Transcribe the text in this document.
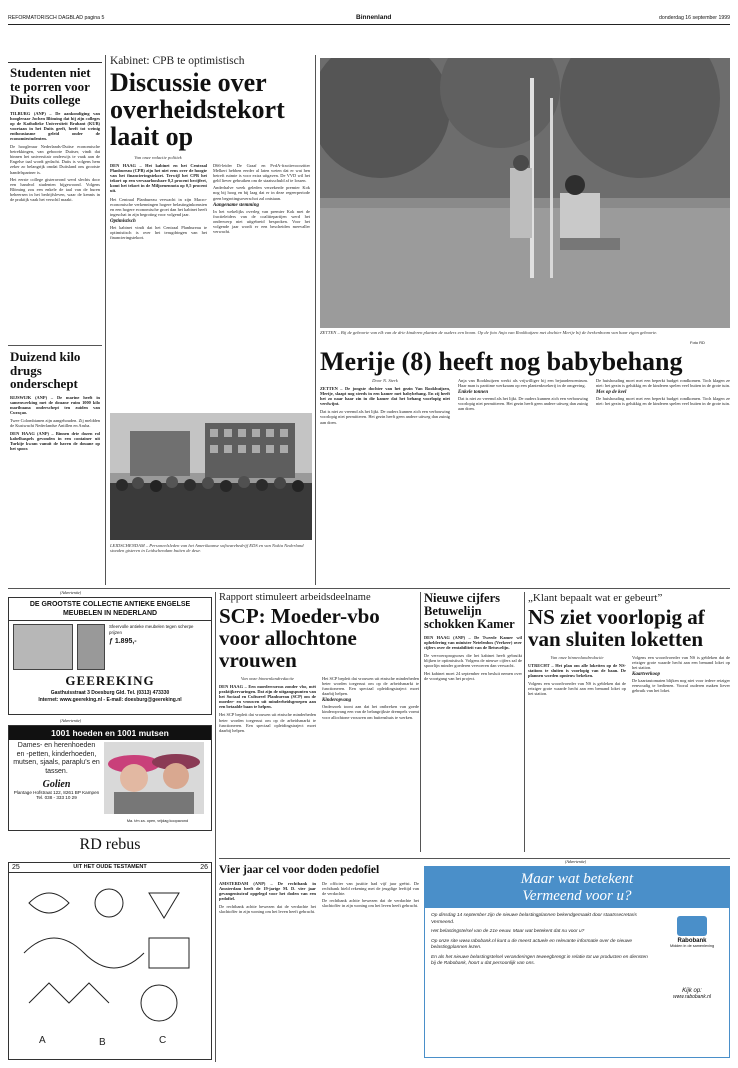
REFORMATORISCH DAGBLAD pagina 5	Binnenland	donderdag 16 september 1999
Studenten niet te porren voor Duits college
TILBURG (ANP) – De aankondiging van hoogleraar Jochen Blöming dat hij zijn colleges op de Katholieke Universiteit Brabant (KUB) voortaan in het Duits geeft, heeft tot weinig enthousiasme geleid onder de economiestudenten.
De hoogleraar Nederlands-Duitse economische betrekkingen, van geboorte Duitser, vindt dat binnen het universitair onderwijs te vaak aan de Engelse taal wordt gedacht. Duits is volgens hem zeker zo belangrijk omdat Duitsland ons grootste handelspartner is.
Het eerste college gisteravond werd slechts door een handvol studenten bijgewoond. Volgens Blöming zou een enkele de taal van de buren beheersen in het bedrijfsleven, waar de kennis in de praktijk vaak het verschil maakt.
Duizend kilo drugs onderschept
RIJSWIJK (ANP) – De marine heeft in samenwerking met de douane ruim 1000 kilo marihuana onderschept ten zuiden van Curaçao.
Twee Colombianen zijn aangehouden. Zij meldden de Kustwacht Nederlandse Antillen en Aruba.
DEN HAAG (ANP) – Binnen drie dozen rol kabelhaspels gevonden in een container uit Turkije kwam vanuit de haven de douane op het spoor.
Kabinet: CPB te optimistisch
Discussie over overheidstekort laait op
Van onze redactie politiek
DEN HAAG – Het kabinet en het Centraal Planbureau (CPB) zijn het niet eens over de hoogte van het financieringstekort. Terwijl het CPB het tekort op een vervaarloosbare 0,2 procent becijfert, komt het tekort in de Miljoenennota op 0,5 procent uit.
Het Centraal Planbureau verwacht in zijn Macro-economische verkenningen hogere belastinginkomsten en een hogere economische groei dan het kabinet heeft ingeschat in zijn begroting voor volgend jaar.
Optimistisch
Het kabinet vindt dat het Centraal Planbureau te optimistisch is over het terugdringen van het financieringstekort.
D66-leider De Graaf en PvdA-fractievoorzitter Melkert hebben eerder al laten weten dat er wat hen betreft ruimte is voor extra uitgaven. De VVD wil het geld liever gebruiken om de staatsschuld af te lossen.
Anderhalve week geleden verzekerde premier Kok nog bij hoog en bij laag dat er in deze regeerperiode geen begrotingsoverschot zal ontstaan.
Aangename stemming
In het wekelijks overleg van premier Kok met de fractieleiders van de coalitiepartijen werd het onderwerp niet uitgebreid besproken. Voor het volgende jaar wordt er een bescheiden meevaller verwacht.
LEIDSCHENDAM – Personeelsleden van het Amerikaanse softwarebedrijf EDS en van Nokia Nederland stonden gisteren in Leidschendam buiten de deur.
ZETTEN – Bij de geboorte van elk van de drie kinderen planten de ouders een boom. Op de foto Anja van Rookhuijzen met dochter Merije bij de berkenboom van haar eigen geboorte.
Foto RD
Merije (8) heeft nog babybehang
Door N. Sterk
ZETTEN – De jongste dochter van het gezin Van Rookhuijzen, Merije, slaapt nog steeds in een kamer met babybehang. En zij heeft het zo naar haar zin in die kamer dat het behang voorlopig niet verdwijnt.
Dat is niet zo vreemd als het lijkt. De ouders kunnen zich een verbouwing voorlopig niet permitteren. Het gezin heeft geen andere uitweg dan zuinig aan doen.
Anja van Rookhuijzen werkt als vrijwilliger bij een bejaardencentrum. Haar man is parttime werkzaam op een plantenkwekerij in de omgeving.
Enkele tonnen
Dat is niet zo vreemd als het lijkt. De ouders kunnen zich een verbouwing voorlopig niet permitteren. Het gezin heeft geen andere uitweg dan zuinig aan doen.
De huishouding moet met een beperkt budget rondkomen. Toch klagen ze niet: het gezin is gelukkig en de kinderen spelen veel buiten in de grote tuin.
Mes op de keel
De huishouding moet met een beperkt budget rondkomen. Toch klagen ze niet: het gezin is gelukkig en de kinderen spelen veel buiten in de grote tuin.
(Advertentie)
DE GROOTSTE COLLECTIE ANTIEKE ENGELSE MEUBELEN IN NEDERLAND
Sfeervolle antieke meubelen tegen scherpe prijzen
ƒ 1.895,-
GEEREKING
Gasthuisstraat 3 Doesburg Gld. Tel. (0313) 473330
Internet: www.geereking.nl - E-mail: doesburg@geereking.nl
(Advertentie)
1001 hoeden en 1001 mutsen
Dames- en herenhoeden en -petten, kinderhoeden, mutsen, sjaals, paraplu's en tassen.
Golien
Plantage Hofstraat 122, 8261 BP Kampen
Tel. 038 - 333 10 29
Ma. t/m za. open, vrijdag koopavond
RD rebus
25	UIT HET OUDE TESTAMENT	26
A	B	C
Rapport stimuleert arbeidsdeelname
SCP: Moeder-vbo voor allochtone vrouwen
Van onze binnenlandredactie
DEN HAAG – Een moedercursus zonder vbo, mét praktijkervaringen. Dat zijn de uitgangspunten van het Sociaal en Cultureel Planbureau (SCP) om de moeder- en vrouwen uit minderheidsgroepen aan een betaalde baan te helpen.
Het SCP bepleit dat vrouwen uit etnische minderheden beter worden toegerust om op de arbeidsmarkt te functioneren. Een speciaal opleidingstraject moet daarbij helpen.
Het SCP bepleit dat vrouwen uit etnische minderheden beter worden toegerust om op de arbeidsmarkt te functioneren. Een speciaal opleidingstraject moet daarbij helpen.
Kinderopvang
Onderzoek toont aan dat het ontbreken van goede kinderopvang een van de belangrijkste drempels vormt voor allochtone vrouwen om buitenshuis te werken.
Nieuwe cijfers Betuwelijn schokken Kamer
DEN HAAG (ANP) – De Tweede Kamer wil opheldering van minister Netelenbos (Verkeer) over cijfers over de rentabiliteit van de Betuwelijn.
De vervoersprognoses die het kabinet heeft gebruikt blijken te optimistisch. Volgens de nieuwe cijfers zal de spoorlijn minder goederen vervoeren dan verwacht.
Het kabinet moet 24 september een besluit nemen over de voortgang van het project.
„Klant bepaalt wat er gebeurt”
NS ziet voorlopig af van sluiten loketten
Van onze binnenlandredactie
UTRECHT – Het plan om alle loketten op de NS-stations te sluiten is voorlopig van de baan. De plannen worden opnieuw bekeken.
Volgens een woordvoerder van NS is gebleken dat de reiziger grote waarde hecht aan een bemand loket op het station.
Volgens een woordvoerder van NS is gebleken dat de reiziger grote waarde hecht aan een bemand loket op het station.
Kaartverkoop
De kaartautomaten blijken nog niet voor iedere reiziger eenvoudig te bedienen. Vooral ouderen maken liever gebruik van het loket.
Vier jaar cel voor doden pedofiel
AMSTERDAM (ANP) – De rechtbank in Amsterdam heeft de 19-jarige M. D. vier jaar gevangenisstraf opgelegd voor het doden van een pedofiel.
De rechtbank achtte bewezen dat de verdachte het slachtoffer in zijn woning om het leven heeft gebracht.
De officier van justitie had vijf jaar geëist. De rechtbank hield rekening met de jeugdige leeftijd van de verdachte.
De rechtbank achtte bewezen dat de verdachte het slachtoffer in zijn woning om het leven heeft gebracht.
(Advertentie)
Maar wat betekent
Vermeend voor u?
Op dinsdag 14 september zijn de nieuwe belastingplannen bekendgemaakt door staatssecretaris Vermeend.
Het belastingstelsel van de 21e eeuw. Maar wat betekent dat nu voor u?
Op onze site www.rabobank.nl kunt u de meest actuele en relevante informatie over de nieuwe belastingplannen lezen.
En als het nieuwe belastingstelsel veranderingen teweegbrengt in relatie tot uw producten en diensten bij de Rabobank, hoort u dat persoonlijk van ons.
Rabobank
Midden in de samenleving
Kijk op:
www.rabobank.nl
